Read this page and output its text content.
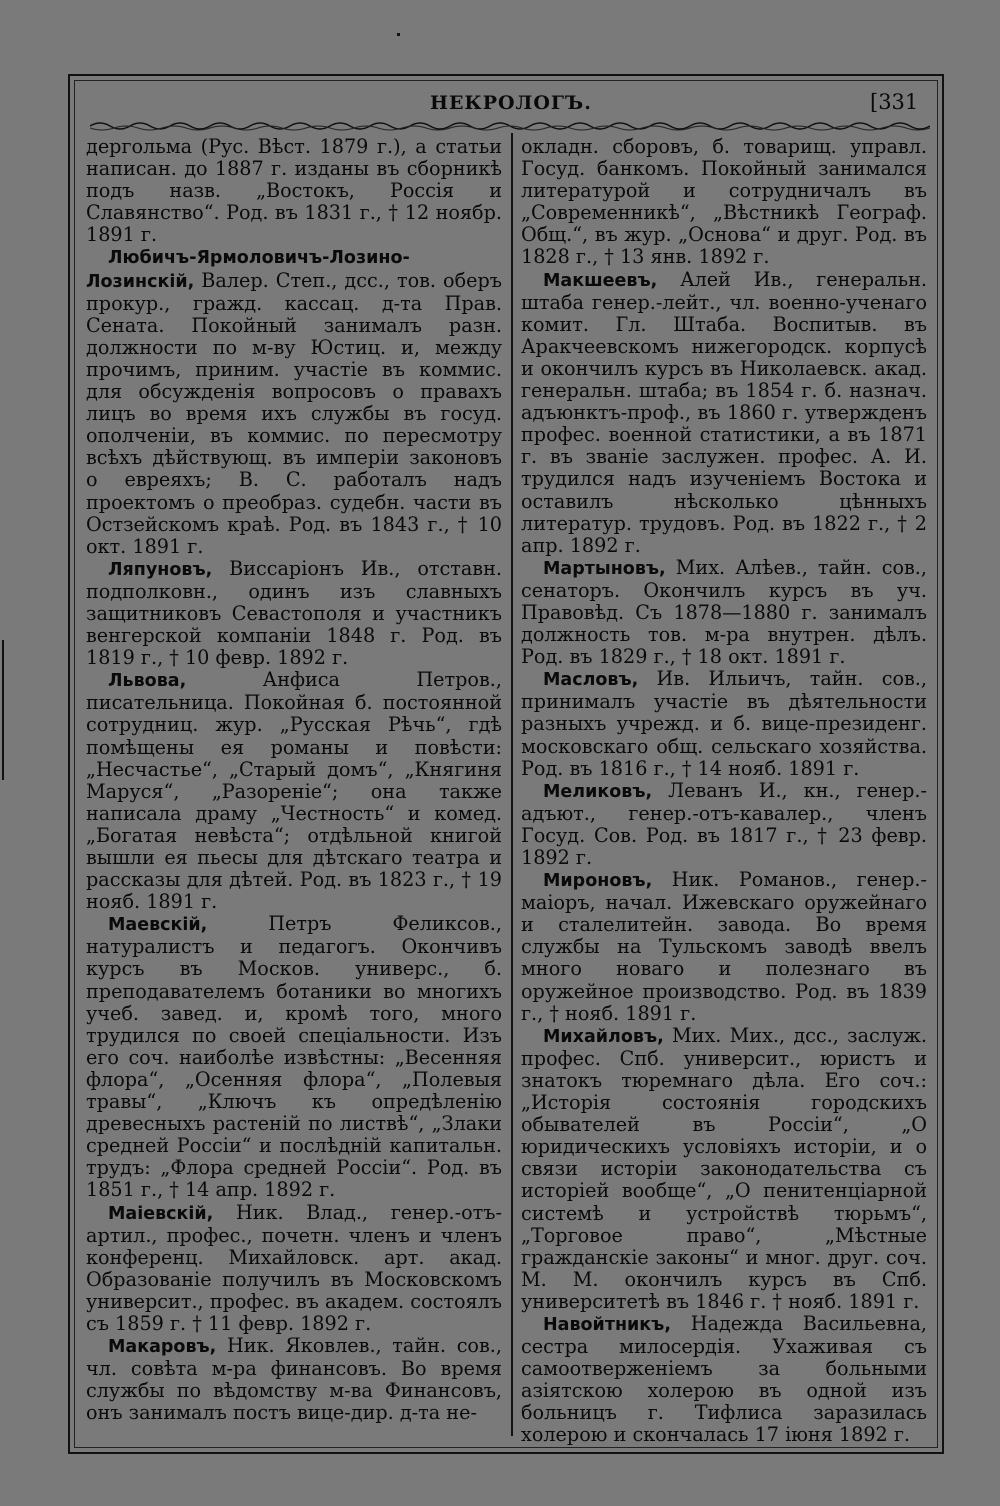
НЕКРОЛОГЪ.	[331

дергольма (Рус. Вѣст. 1879 г.), а статьи написан. до 1887 г. изданы въ сборникѣ подъ назв. „Востокъ, Россія и Славянство“. Род. въ 1831 г., † 12 ноябр. 1891 г.

Любичъ-Ярмоловичъ-Лозино-Лозинскій, Валер. Степ., дсс., тов. оберъ прокур., гражд. кассац. д-та Прав. Сената. Покойный занималъ разн. должности по м-ву Юстиц. и, между прочимъ, приним. участіе въ коммис. для обсужденія вопросовъ о правахъ лицъ во время ихъ службы въ госуд. ополченіи, въ коммис. по пересмотру всѣхъ дѣйствующ. въ имперіи законовъ о евреяхъ; В. С. работалъ надъ проектомъ о преобраз. судебн. части въ Остзейскомъ краѣ. Род. въ 1843 г., † 10 окт. 1891 г.

Ляпуновъ, Виссаріонъ Ив., отставн. подполковн., одинъ изъ славныхъ защитниковъ Севастополя и участникъ венгерской компаніи 1848 г. Род. въ 1819 г., † 10 февр. 1892 г.

Львова, Анфиса Петров., писательница. Покойная б. постоянной сотрудниц. жур. „Русская Рѣчь“, гдѣ помѣщены ея романы и повѣсти: „Несчастье“, „Старый домъ“, „Княгиня Маруся“, „Разореніе“; она также написала драму „Честность“ и комед. „Богатая невѣста“; отдѣльной книгой вышли ея пьесы для дѣтскаго театра и рассказы для дѣтей. Род. въ 1823 г., † 19 нояб. 1891 г.

Маевскій, Петръ Феликсов., натуралистъ и педагогъ. Окончивъ курсъ въ Москов. универс., б. преподавателемъ ботаники во многихъ учеб. завед. и, кромѣ того, много трудился по своей спеціальности. Изъ его соч. наиболѣе извѣстны: „Весенняя флора“, „Осенняя флора“, „Полевыя травы“, „Ключъ къ опредѣленію древесныхъ растеній по листвѣ“, „Злаки средней Россіи“ и послѣдній капитальн. трудъ: „Флора средней Россіи“. Род. въ 1851 г., † 14 апр. 1892 г.

Маіевскій, Ник. Влад., генер.-отъ-артил., профес., почетн. членъ и членъ конференц. Михайловск. арт. акад. Образованіе получилъ въ Московскомъ университ., профес. въ академ. состоялъ съ 1859 г. † 11 февр. 1892 г.

Макаровъ, Ник. Яковлев., тайн. сов., чл. совѣта м-ра финансовъ. Во время службы по вѣдомству м-ва Финансовъ, онъ занималъ постъ вице-дир. д-та не-

окладн. сборовъ, б. товарищ. управл. Госуд. банкомъ. Покойный занимался литературой и сотрудничалъ въ „Современникѣ“, „Вѣстникѣ Географ. Общ.“, въ жур. „Основа“ и друг. Род. въ 1828 г., † 13 янв. 1892 г.

Макшеевъ, Алей Ив., генеральн. штаба генер.-лейт., чл. военно-ученаго комит. Гл. Штаба. Воспитыв. въ Аракчеевскомъ нижегородск. корпусѣ и окончилъ курсъ въ Николаевск. акад. генеральн. штаба; въ 1854 г. б. назнач. адъюнктъ-проф., въ 1860 г. утвержденъ профес. военной статистики, а въ 1871 г. въ званіе заслужен. профес. А. И. трудился надъ изученіемъ Востока и оставилъ нѣсколько цѣнныхъ литератур. трудовъ. Род. въ 1822 г., † 2 апр. 1892 г.

Мартыновъ, Мих. Алѣев., тайн. сов., сенаторъ. Окончилъ курсъ въ уч. Правовѣд. Съ 1878—1880 г. занималъ должность тов. м-ра внутрен. дѣлъ. Род. въ 1829 г., † 18 окт. 1891 г.

Масловъ, Ив. Ильичъ, тайн. сов., принималъ участіе въ дѣятельности разныхъ учрежд. и б. вице-президенг. московскаго общ. сельскаго хозяйства. Род. въ 1816 г., † 14 нояб. 1891 г.

Меликовъ, Леванъ И., кн., генер.-адъют., генер.-отъ-кавалер., членъ Госуд. Сов. Род. въ 1817 г., † 23 февр. 1892 г.

Мироновъ, Ник. Романов., генер.-маіоръ, начал. Ижевскаго оружейнаго и сталелитейн. завода. Во время службы на Тульскомъ заводѣ ввелъ много новаго и полезнаго въ оружейное производство. Род. въ 1839 г., † нояб. 1891 г.

Михайловъ, Мих. Мих., дсс., заслуж. профес. Спб. университ., юристъ и знатокъ тюремнаго дѣла. Его соч.: „Исторія состоянія городскихъ обывателей въ Россіи“, „О юридическихъ условіяхъ исторіи, и о связи исторіи законодательства съ исторіей вообще“, „О пенитенціарной системѣ и устройствѣ тюрьмъ“, „Торговое право“, „Мѣстные гражданскіе законы“ и мног. друг. соч. М. М. окончилъ курсъ въ Спб. университетѣ въ 1846 г. † нояб. 1891 г.

Навойтникъ, Надежда Васильевна, сестра милосердія. Ухаживая съ самоотверженіемъ за больными азіятскою холерою въ одной изъ больницъ г. Тифлиса заразилась холерою и скончалась 17 іюня 1892 г.
